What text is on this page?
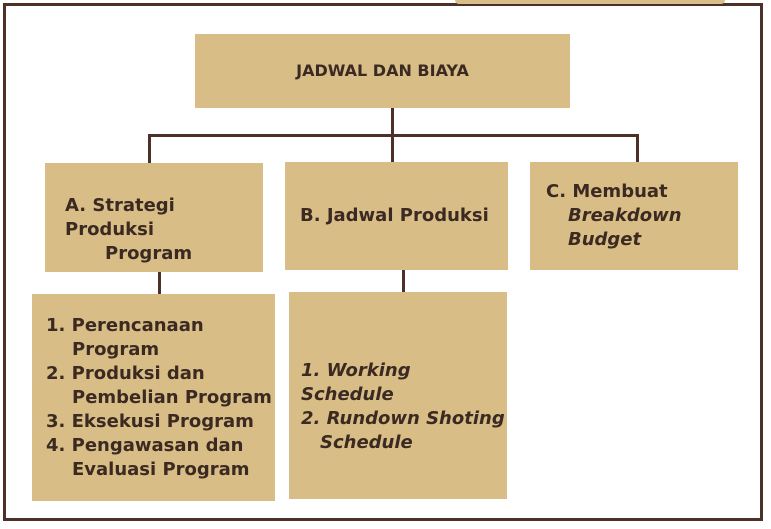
JADWAL DAN BIAYA
A. Strategi Produksi
Program
B. Jadwal Produksi
C. Membuat
Breakdown
Budget
1. Perencanaan
Program
2. Produksi dan
Pembelian Program
3. Eksekusi Program
4. Pengawasan dan
Evaluasi Program
1. Working Schedule
2. Rundown Shoting
Schedule
